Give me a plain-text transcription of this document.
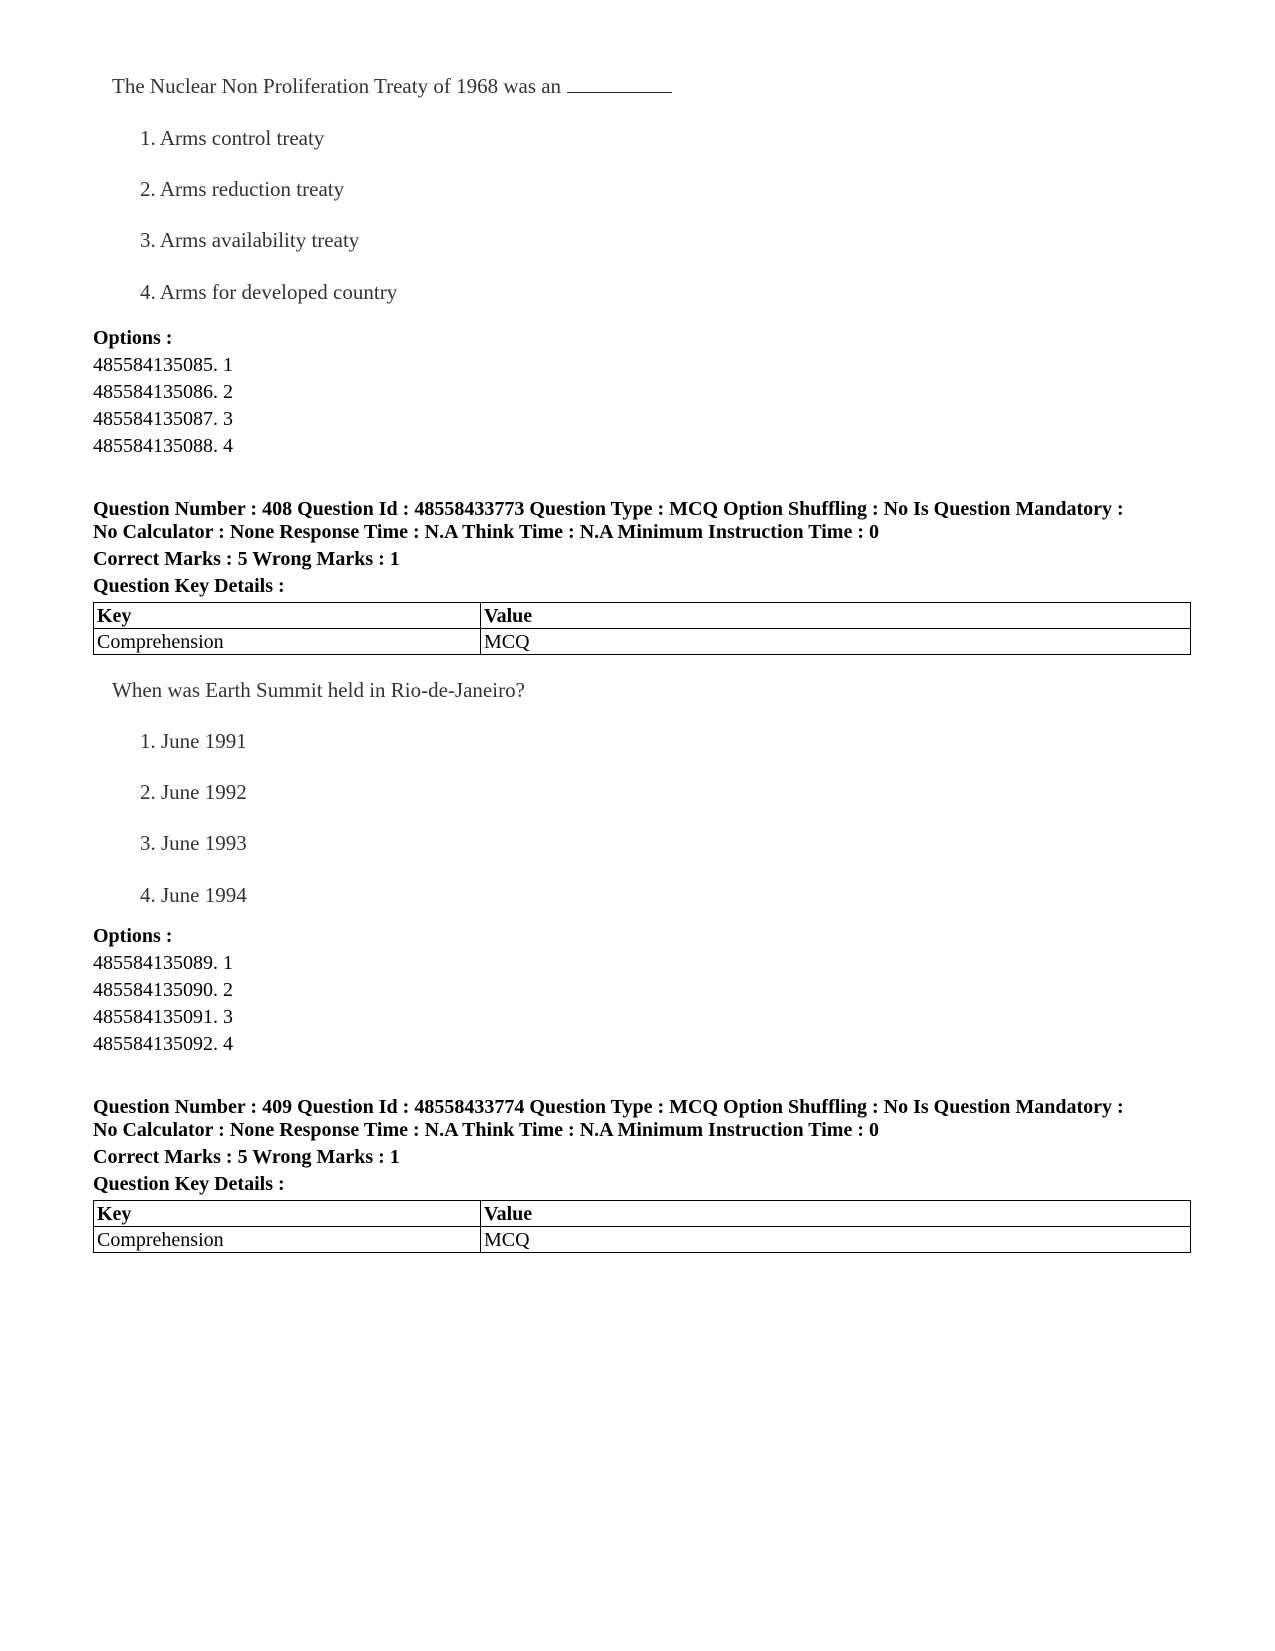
The Nuclear Non Proliferation Treaty of 1968 was an
1. Arms control treaty
2. Arms reduction treaty
3. Arms availability treaty
4. Arms for developed country
Options :
485584135085. 1
485584135086. 2
485584135087. 3
485584135088. 4
Question Number : 408 Question Id : 48558433773 Question Type : MCQ Option Shuffling : No Is Question Mandatory :
No Calculator : None Response Time : N.A Think Time : N.A Minimum Instruction Time : 0
Correct Marks : 5 Wrong Marks : 1
Question Key Details :
Key	Value
Comprehension	MCQ
When was Earth Summit held in Rio-de-Janeiro?
1. June 1991
2. June 1992
3. June 1993
4. June 1994
Options :
485584135089. 1
485584135090. 2
485584135091. 3
485584135092. 4
Question Number : 409 Question Id : 48558433774 Question Type : MCQ Option Shuffling : No Is Question Mandatory :
No Calculator : None Response Time : N.A Think Time : N.A Minimum Instruction Time : 0
Correct Marks : 5 Wrong Marks : 1
Question Key Details :
Key	Value
Comprehension	MCQ
